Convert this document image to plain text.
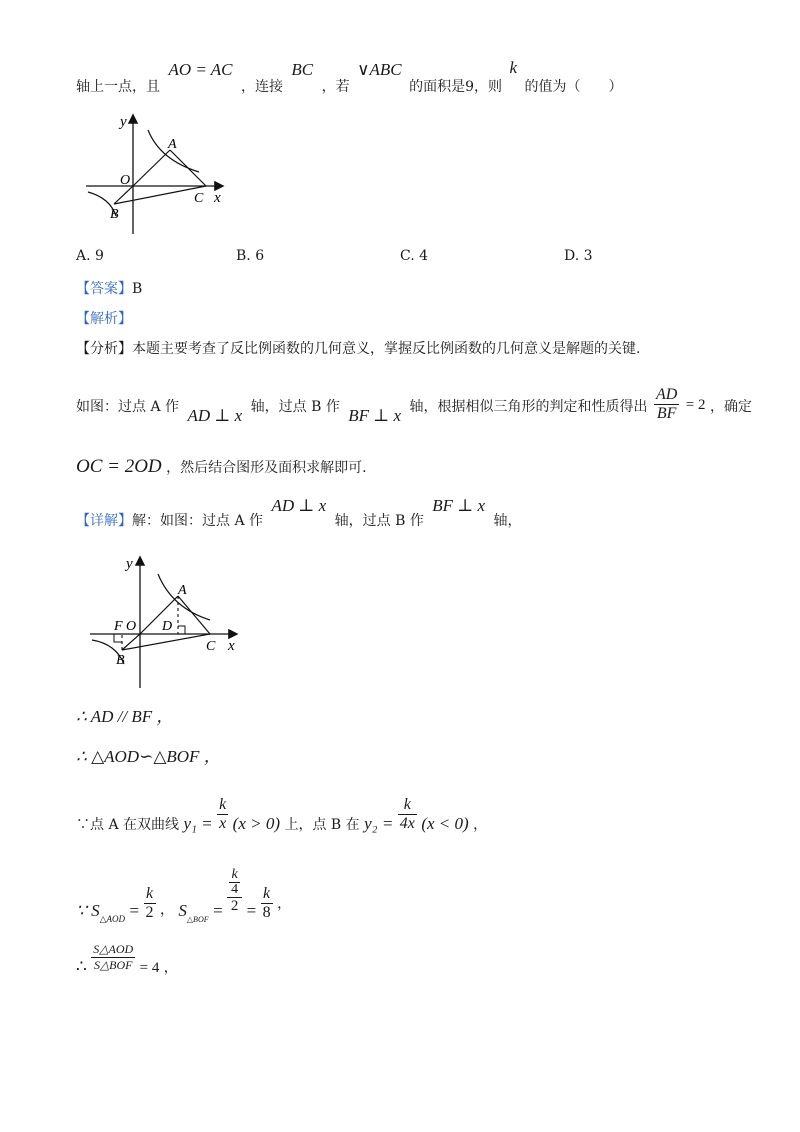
轴上一点，且 AO = AC ，连接 BC ，若 ∨ABC 的面积是9，则 k 的值为（　　）
y
A
O
B
C x
A. 9	B. 6	C. 4	D. 3
【答案】B
【解析】
【分析】本题主要考查了反比例函数的几何意义，掌握反比例函数的几何意义是解题的关键.
如图：过点 A 作 AD ⊥ x 轴，过点 B 作 BF ⊥ x 轴，根据相似三角形的判定和性质得出 $\frac{AD}{BF} = 2$ ，确定
OC = 2OD ，然后结合图形及面积求解即可.
【详解】解：如图：过点 A 作 AD ⊥ x 轴，过点 B 作 BF ⊥ x 轴，
y
A
F O D
B
C x
∴ AD // BF ，
∴ △AOD∽△BOF ，
∵点 A 在双曲线 $y_1 = \frac{k}{x} (x > 0)$ 上，点 B 在 $y_2 = \frac{k}{4x} (x < 0)$ ，
∵ $S_{\triangle AOD} = \frac{k}{2}$ ， $S_{\triangle BOF} = \frac{\frac{k}{4}}{2} = \frac{k}{8}$ ，
∴ $\frac{\text{S△AOD}}{\text{S△BOF}} = 4$ ，
